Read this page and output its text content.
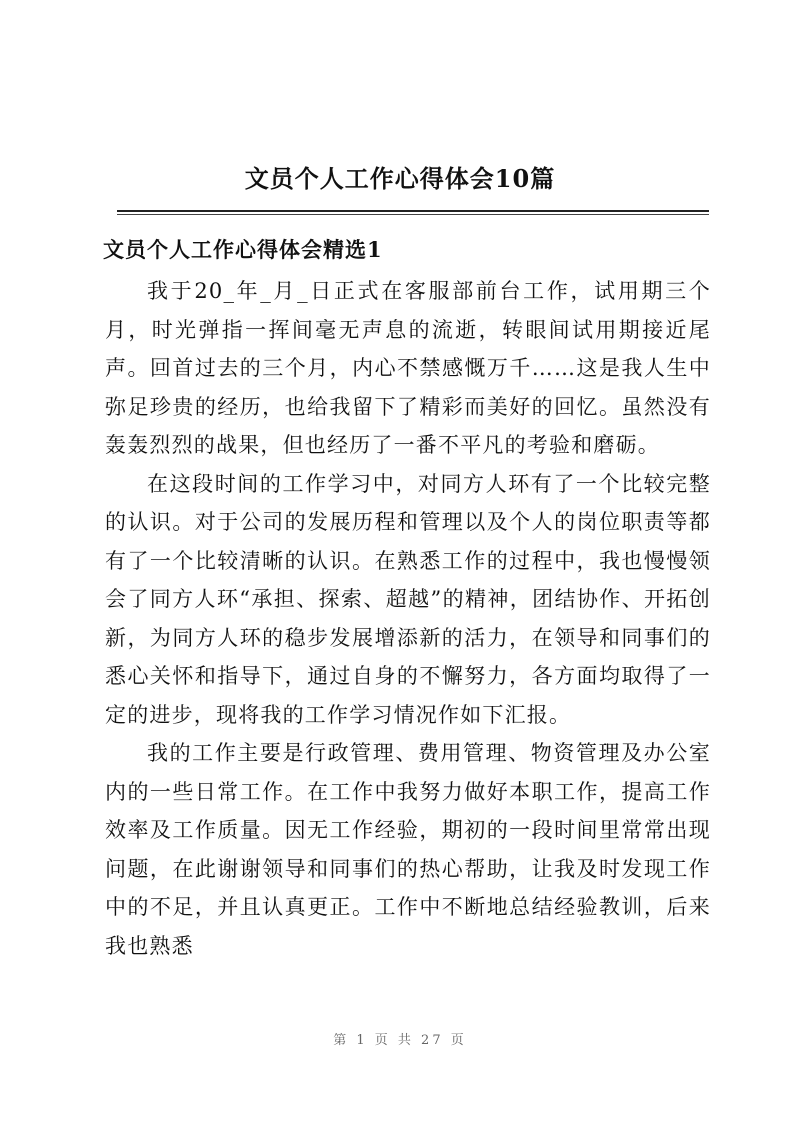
文员个人工作心得体会10篇
文员个人工作心得体会精选1

我于20_年_月_日正式在客服部前台工作，试用期三个月，时光弹指一挥间毫无声息的流逝，转眼间试用期接近尾声。回首过去的三个月，内心不禁感慨万千……这是我人生中弥足珍贵的经历，也给我留下了精彩而美好的回忆。虽然没有轰轰烈烈的战果，但也经历了一番不平凡的考验和磨砺。

在这段时间的工作学习中，对同方人环有了一个比较完整的认识。对于公司的发展历程和管理以及个人的岗位职责等都有了一个比较清晰的认识。在熟悉工作的过程中，我也慢慢领会了同方人环“承担、探索、超越”的精神，团结协作、开拓创新，为同方人环的稳步发展增添新的活力，在领导和同事们的悉心关怀和指导下，通过自身的不懈努力，各方面均取得了一定的进步，现将我的工作学习情况作如下汇报。

我的工作主要是行政管理、费用管理、物资管理及办公室内的一些日常工作。在工作中我努力做好本职工作，提高工作效率及工作质量。因无工作经验，期初的一段时间里常常出现问题，在此谢谢领导和同事们的热心帮助，让我及时发现工作中的不足，并且认真更正。工作中不断地总结经验教训，后来我也熟悉

第 1 页 共 27 页
